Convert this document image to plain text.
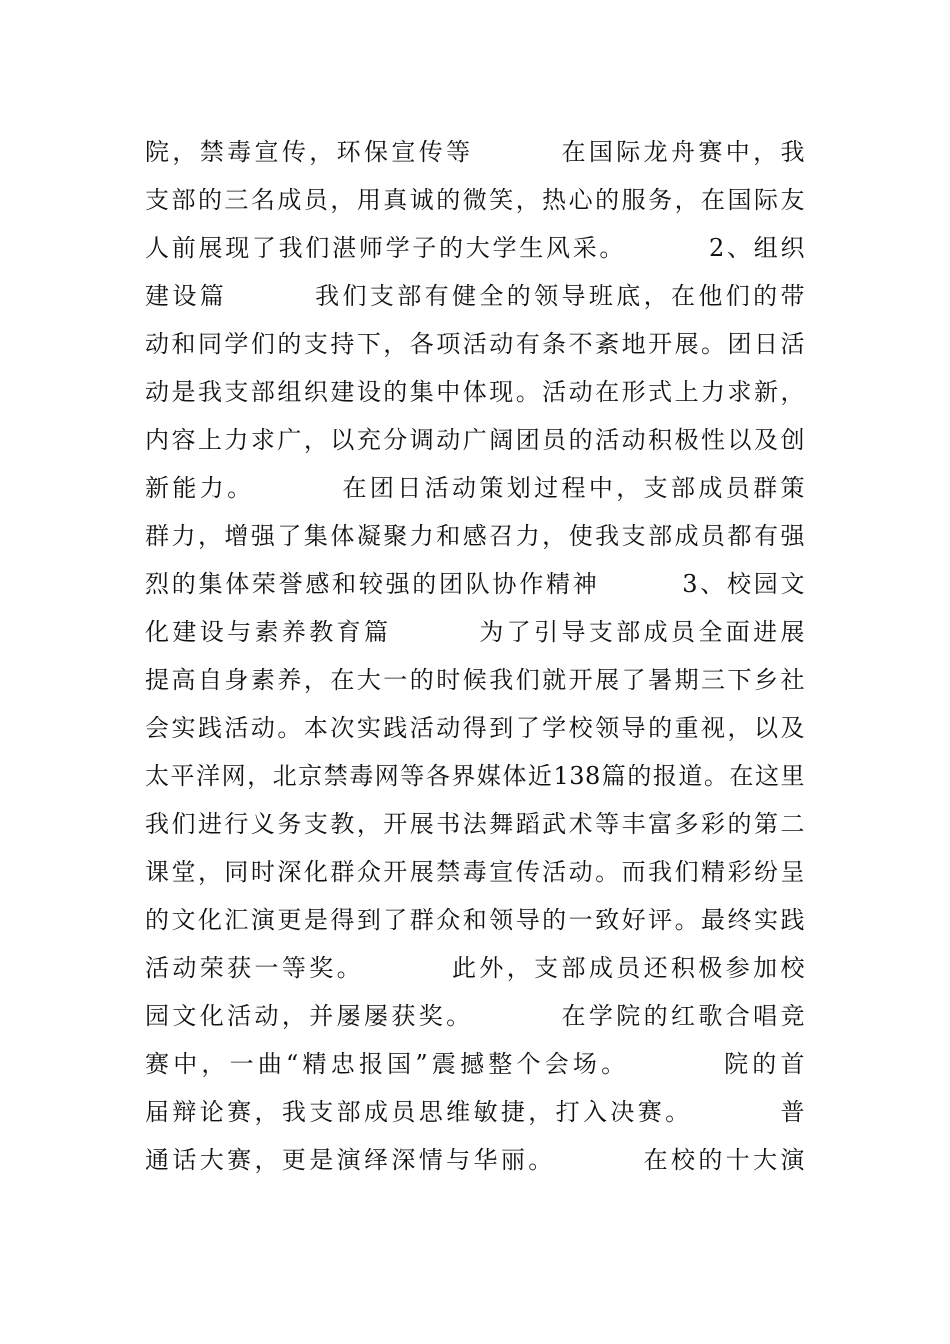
院，禁毒宣传，环保宣传等        在国际龙舟赛中，我
支部的三名成员，用真诚的微笑，热心的服务，在国际友
人前展现了我们湛师学子的大学生风采。        2、组织
建设篇        我们支部有健全的领导班底，在他们的带
动和同学们的支持下，各项活动有条不紊地开展。团日活
动是我支部组织建设的集中体现。活动在形式上力求新，
内容上力求广，以充分调动广阔团员的活动积极性以及创
新能力。        在团日活动策划过程中，支部成员群策
群力，增强了集体凝聚力和感召力，使我支部成员都有强
烈的集体荣誉感和较强的团队协作精神        3、校园文
化建设与素养教育篇        为了引导支部成员全面进展
提高自身素养，在大一的时候我们就开展了暑期三下乡社
会实践活动。本次实践活动得到了学校领导的重视，以及
太平洋网，北京禁毒网等各界媒体近138篇的报道。在这里
我们进行义务支教，开展书法舞蹈武术等丰富多彩的第二
课堂，同时深化群众开展禁毒宣传活动。而我们精彩纷呈
的文化汇演更是得到了群众和领导的一致好评。最终实践
活动荣获一等奖。        此外，支部成员还积极参加校
园文化活动，并屡屡获奖。        在学院的红歌合唱竞
赛中，一曲“精忠报国”震撼整个会场。        院的首
届辩论赛，我支部成员思维敏捷，打入决赛。        普
通话大赛，更是演绎深情与华丽。        在校的十大演
